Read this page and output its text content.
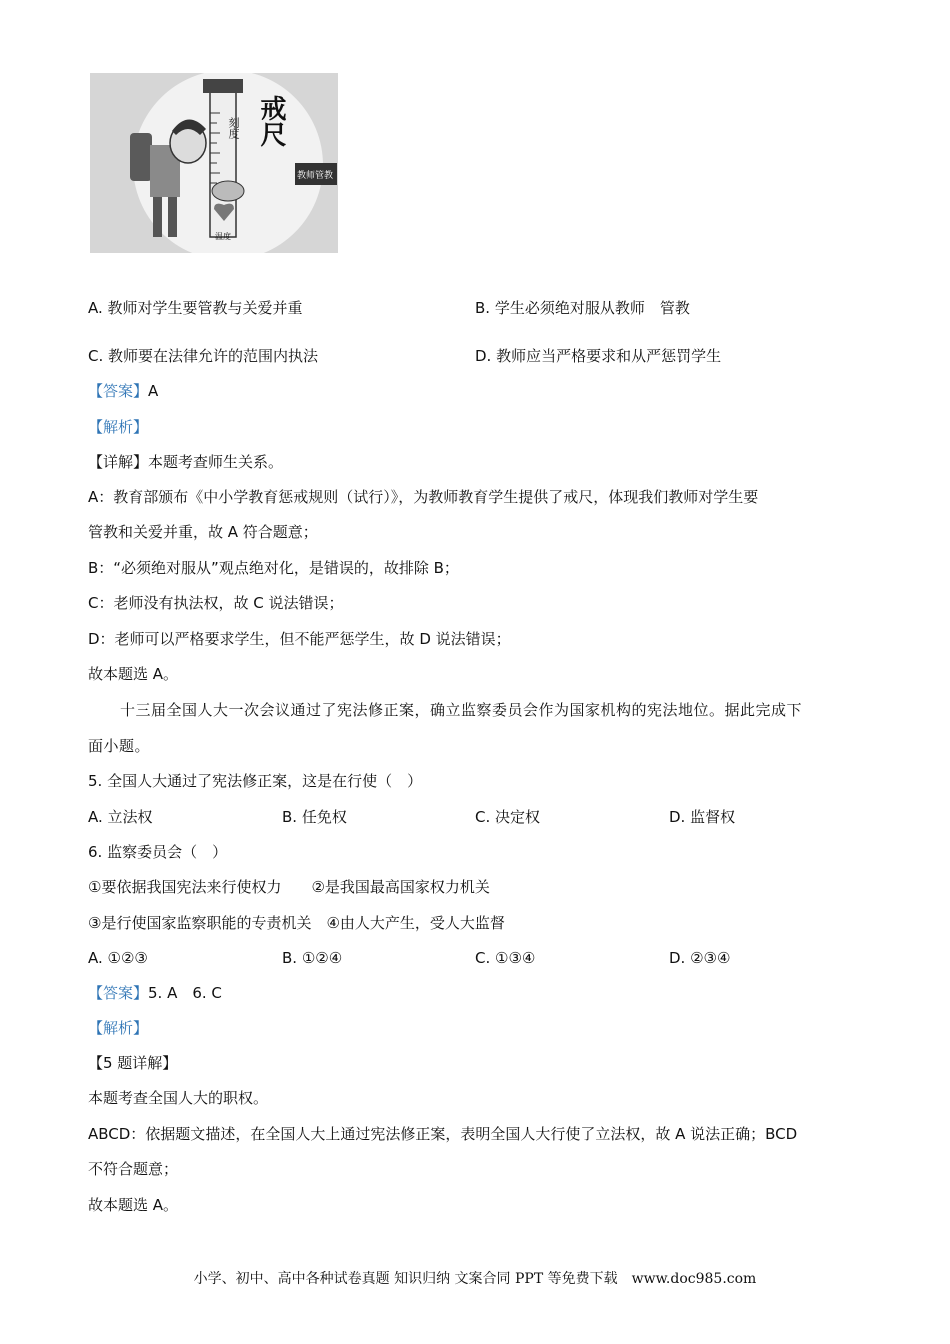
戒尺
刻度
温度
教师管教
A. 教师对学生要管教与关爱并重	B. 学生必须绝对服从教师　管教
C. 教师要在法律允许的范围内执法	D. 教师应当严格要求和从严惩罚学生
【答案】A
【解析】
【详解】本题考查师生关系。
A：教育部颁布《中小学教育惩戒规则（试行）》，为教师教育学生提供了戒尺，体现我们教师对学生要
管教和关爱并重，故 A 符合题意；
B：“必须绝对服从”观点绝对化，是错误的，故排除 B；
C：老师没有执法权，故 C 说法错误；
D：老师可以严格要求学生，但不能严惩学生，故 D 说法错误；
故本题选 A。
十三届全国人大一次会议通过了宪法修正案，确立监察委员会作为国家机构的宪法地位。据此完成下
面小题。
5. 全国人大通过了宪法修正案，这是在行使（　）
A. 立法权	B. 任免权	C. 决定权	D. 监督权
6. 监察委员会（　）
①要依据我国宪法来行使权力　　②是我国最高国家权力机关
③是行使国家监察职能的专责机关　④由人大产生，受人大监督
A. ①②③	B. ①②④	C. ①③④	D. ②③④
【答案】5. A　6. C
【解析】
【5 题详解】
本题考查全国人大的职权。
ABCD：依据题文描述，在全国人大上通过宪法修正案，表明全国人大行使了立法权，故 A 说法正确；BCD
不符合题意；
故本题选 A。
小学、初中、高中各种试卷真题 知识归纳 文案合同 PPT 等免费下载　www.doc985.com
